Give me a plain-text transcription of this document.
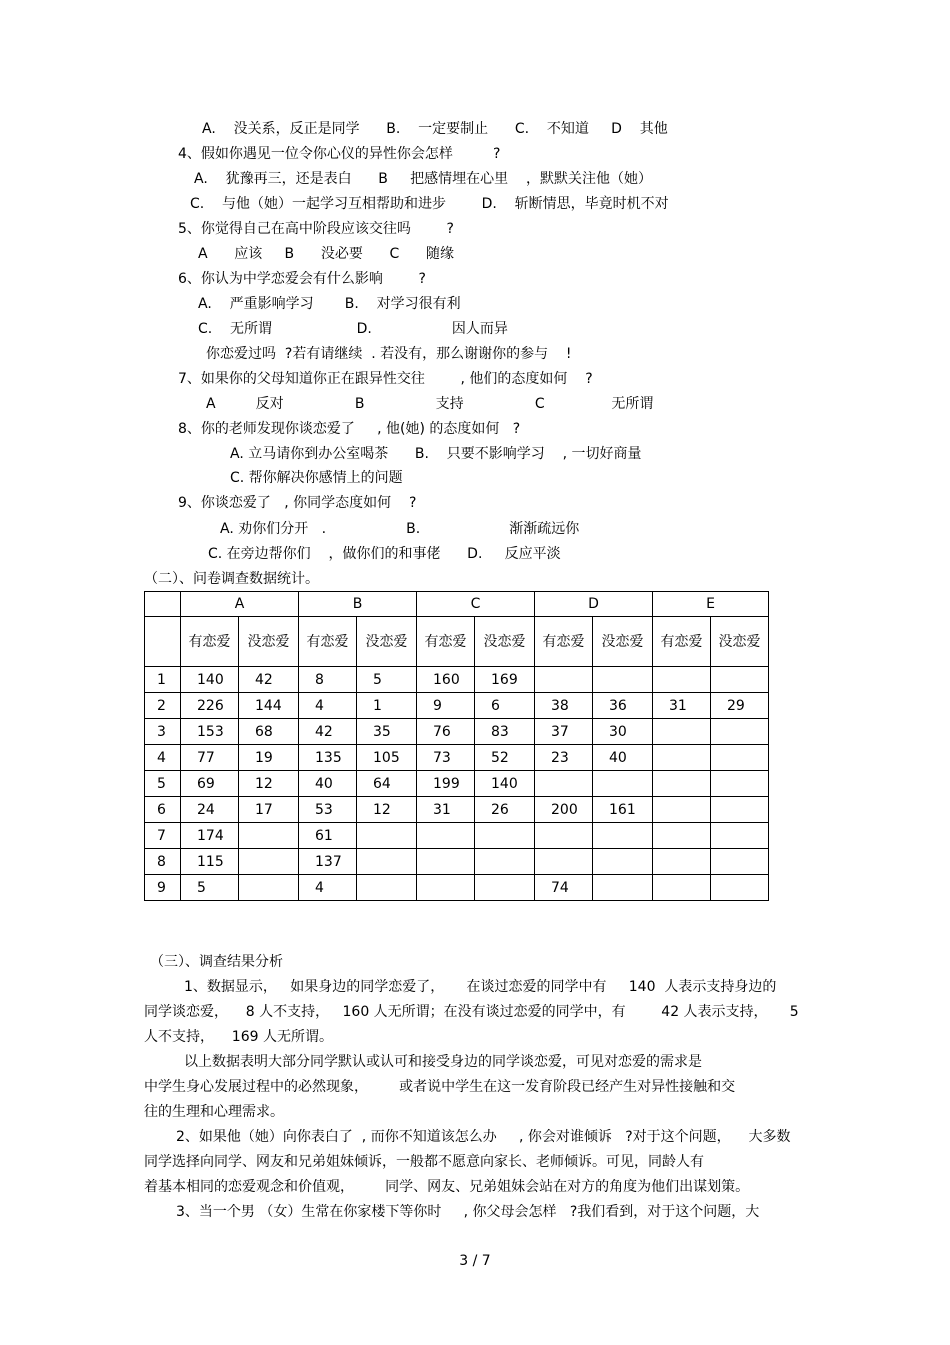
A.    没关系，反正是同学      B.    一定要制止      C.    不知道     D    其他
4、假如你遇见一位令你心仪的异性你会怎样         ?
A.    犹豫再三，还是表白      B     把感情埋在心里    ，默默关注他（她）
C.    与他（她）一起学习互相帮助和进步        D.    斩断情思，毕竟时机不对
5、你觉得自己在高中阶段应该交往吗        ?
A      应该     B      没必要      C      随缘
6、你认为中学恋爱会有什么影响        ?
A.    严重影响学习       B.    对学习很有利
C.    无所谓                   D.                  因人而异
你恋爱过吗  ?若有请继续  . 若没有，那么谢谢你的参与    !
7、如果你的父母知道你正在跟异性交往        , 他们的态度如何    ?
A         反对                B                支持                C               无所谓
8、你的老师发现你谈恋爱了     , 他(她) 的态度如何   ?
A. 立马请你到办公室喝茶      B.    只要不影响学习    , 一切好商量
C. 帮你解决你感情上的问题
9、你谈恋爱了   , 你同学态度如何    ?
A. 劝你们分开   .                  B.                    渐渐疏远你
C. 在旁边帮你们    ，做你们的和事佬      D.     反应平淡
（二）、问卷调查数据统计。
	A		B		C		D		E	
	有恋爱	没恋爱	有恋爱	没恋爱	有恋爱	没恋爱	有恋爱	没恋爱	有恋爱	没恋爱
1	140	42	8	5	160	169				
2	226	144	4	1	9	6	38	36	31	29
3	153	68	42	35	76	83	37	30		
4	77	19	135	105	73	52	23	40		
5	69	12	40	64	199	140				
6	24	17	53	12	31	26	200	161		
7	174		61							
8	115		137							
9	5		4				74			
（三）、调查结果分析
1、数据显示，   如果身边的同学恋爱了，     在谈过恋爱的同学中有     140  人表示支持身边的
同学谈恋爱，    8 人不支持，   160 人无所谓；在没有谈过恋爱的同学中，有        42 人表示支持，     5
人不支持，    169 人无所谓。
以上数据表明大部分同学默认或认可和接受身边的同学谈恋爱，可见对恋爱的需求是
中学生身心发展过程中的必然现象，       或者说中学生在这一发育阶段已经产生对异性接触和交
往的生理和心理需求。
2、如果他（她）向你表白了  , 而你不知道该怎么办     , 你会对谁倾诉   ?对于这个问题，    大多数
同学选择向同学、网友和兄弟姐妹倾诉，一般都不愿意向家长、老师倾诉。可见，同龄人有
着基本相同的恋爱观念和价值观，       同学、网友、兄弟姐妹会站在对方的角度为他们出谋划策。
3、当一个男 （女）生常在你家楼下等你时     , 你父母会怎样   ?我们看到，对于这个问题，大
3 / 7
